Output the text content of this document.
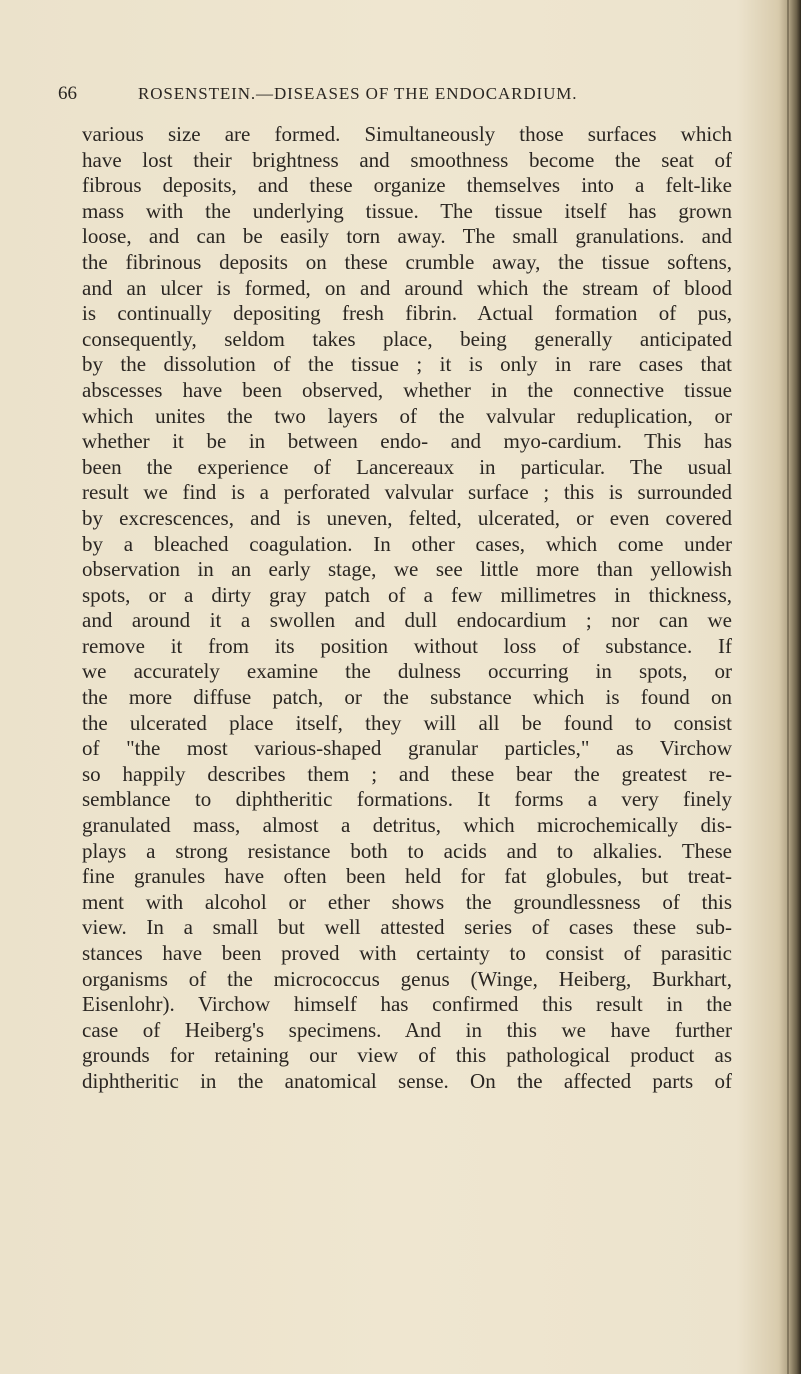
66	ROSENSTEIN.—DISEASES OF THE ENDOCARDIUM.
various size are formed. Simultaneously those surfaces which
have lost their brightness and smoothness become the seat of
fibrous deposits, and these organize themselves into a felt-like
mass with the underlying tissue. The tissue itself has grown
loose, and can be easily torn away. The small granulations. and
the fibrinous deposits on these crumble away, the tissue softens,
and an ulcer is formed, on and around which the stream of blood
is continually depositing fresh fibrin. Actual formation of pus,
consequently, seldom takes place, being generally anticipated
by the dissolution of the tissue ; it is only in rare cases that
abscesses have been observed, whether in the connective tissue
which unites the two layers of the valvular reduplication, or
whether it be in between endo- and myo-cardium. This has
been the experience of Lancereaux in particular. The usual
result we find is a perforated valvular surface ; this is surrounded
by excrescences, and is uneven, felted, ulcerated, or even covered
by a bleached coagulation. In other cases, which come under
observation in an early stage, we see little more than yellowish
spots, or a dirty gray patch of a few millimetres in thickness,
and around it a swollen and dull endocardium ; nor can we
remove it from its position without loss of substance. If
we accurately examine the dulness occurring in spots, or
the more diffuse patch, or the substance which is found on
the ulcerated place itself, they will all be found to consist
of "the most various-shaped granular particles," as Virchow
so happily describes them ; and these bear the greatest re-
semblance to diphtheritic formations. It forms a very finely
granulated mass, almost a detritus, which microchemically dis-
plays a strong resistance both to acids and to alkalies. These
fine granules have often been held for fat globules, but treat-
ment with alcohol or ether shows the groundlessness of this
view. In a small but well attested series of cases these sub-
stances have been proved with certainty to consist of parasitic
organisms of the micrococcus genus (Winge, Heiberg, Burkhart,
Eisenlohr). Virchow himself has confirmed this result in the
case of Heiberg's specimens. And in this we have further
grounds for retaining our view of this pathological product as
diphtheritic in the anatomical sense. On the affected parts of
